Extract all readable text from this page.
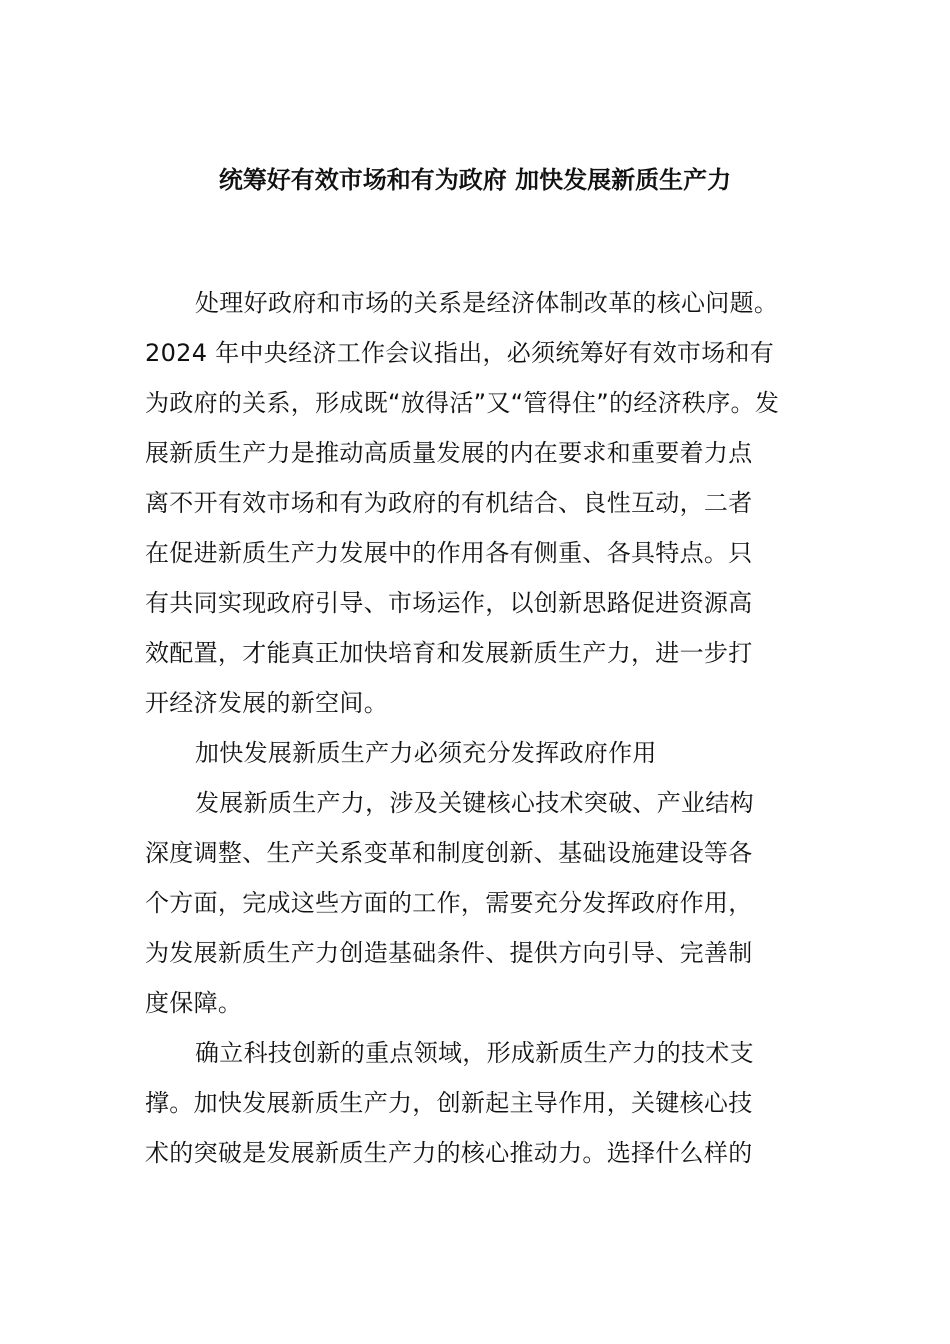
统筹好有效市场和有为政府 加快发展新质生产力
处理好政府和市场的关系是经济体制改革的核心问题。
2024 年中央经济工作会议指出，必须统筹好有效市场和有
为政府的关系，形成既“放得活”又“管得住”的经济秩序。发
展新质生产力是推动高质量发展的内在要求和重要着力点
离不开有效市场和有为政府的有机结合、良性互动，二者
在促进新质生产力发展中的作用各有侧重、各具特点。只
有共同实现政府引导、市场运作，以创新思路促进资源高
效配置，才能真正加快培育和发展新质生产力，进一步打
开经济发展的新空间。
加快发展新质生产力必须充分发挥政府作用
发展新质生产力，涉及关键核心技术突破、产业结构
深度调整、生产关系变革和制度创新、基础设施建设等各
个方面，完成这些方面的工作，需要充分发挥政府作用，
为发展新质生产力创造基础条件、提供方向引导、完善制
度保障。
确立科技创新的重点领域，形成新质生产力的技术支
撑。加快发展新质生产力，创新起主导作用，关键核心技
术的突破是发展新质生产力的核心推动力。选择什么样的
